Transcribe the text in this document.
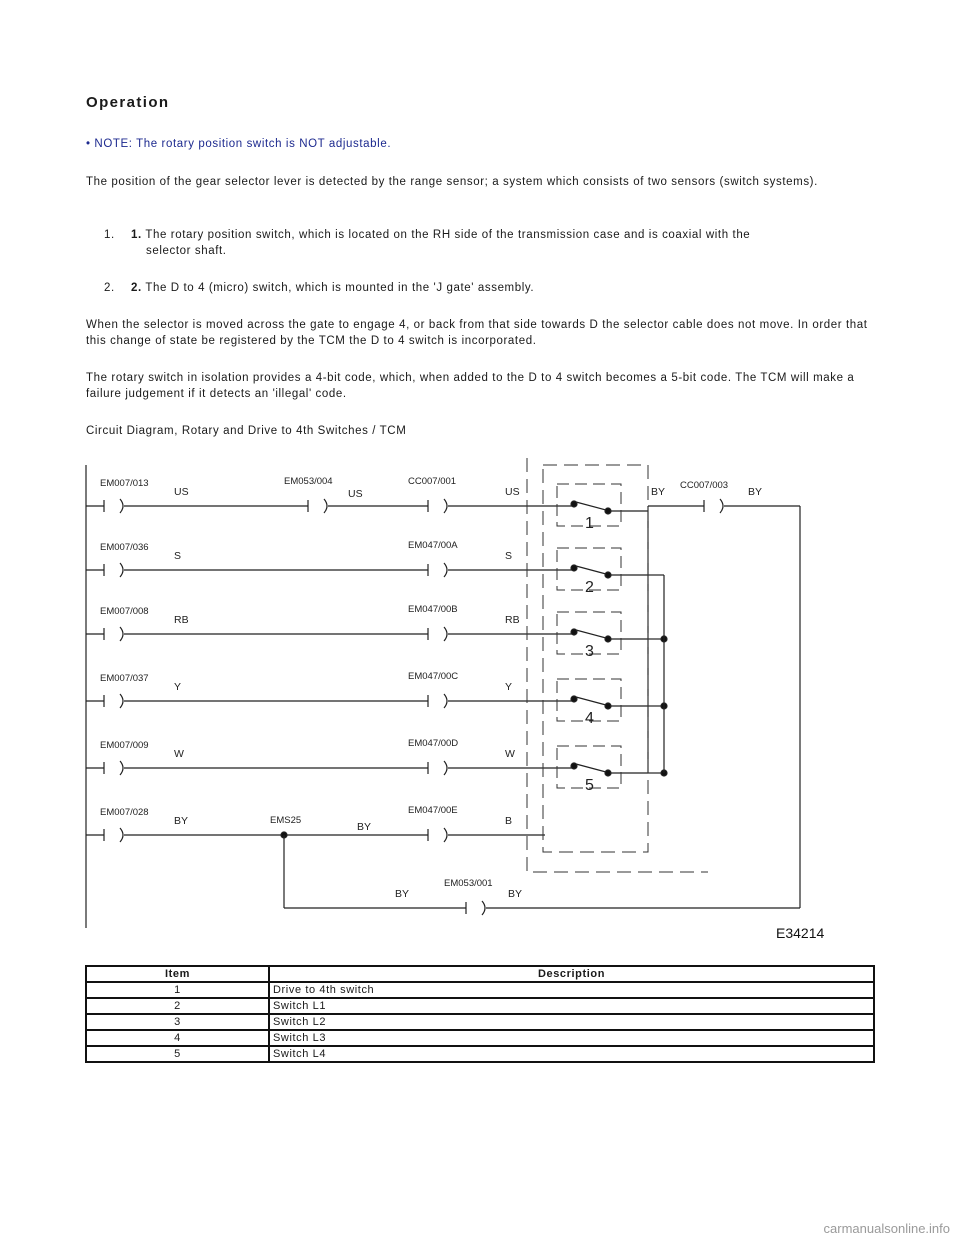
Operation
• NOTE: The rotary position switch is NOT adjustable.
The position of the gear selector lever is detected by the range sensor; a system which consists of two sensors (switch systems).
1. 1. The rotary position switch, which is located on the RH side of the transmission case and is coaxial with the
selector shaft.
2. 2. The D to 4 (micro) switch, which is mounted in the 'J gate' assembly.
When the selector is moved across the gate to engage 4, or back from that side towards D the selector cable does not move. In order that this change of state be registered by the TCM the D to 4 switch is incorporated.
The rotary switch in isolation provides a 4-bit code, which, when added to the D to 4 switch becomes a 5-bit code. The TCM will make a failure judgement if it detects an 'illegal' code.
Circuit Diagram, Rotary and Drive to 4th Switches / TCM
EM007/013
US
EM053/004
US
CC007/001
US
EM007/036
S
EM047/00A
S
EM007/008
RB
EM047/00B
RB
EM007/037
Y
EM047/00C
Y
EM007/009
W
EM047/00D
W
EM007/028
BY	EMS25
BY
EM047/00E
B
1
2
3
4
5
BY
CC007/003
BY
EM053/001
BY	BY
E34214
Item	Description
1	Drive to 4th switch
2	Switch L1
3	Switch L2
4	Switch L3
5	Switch L4
carmanualsonline.info
